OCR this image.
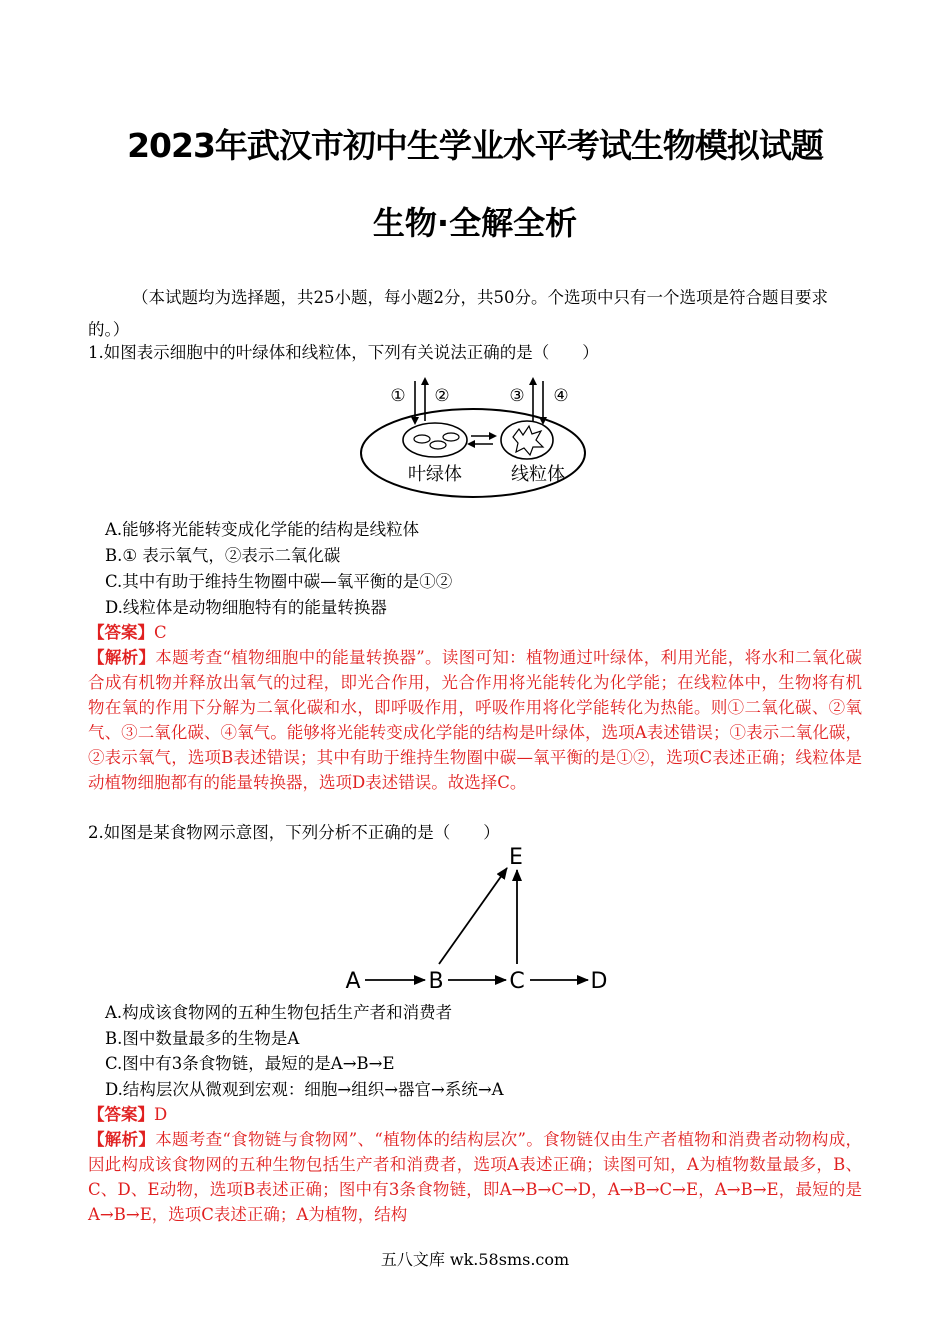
2023年武汉市初中生学业水平考试生物模拟试题
生物·全解全析

（本试题均为选择题，共25小题，每小题2分，共50分。个选项中只有一个选项是符合题目要求的。）

1.如图表示细胞中的叶绿体和线粒体，下列有关说法正确的是（　　）
① ②	③ ④
叶绿体	线粒体
A.能够将光能转变成化学能的结构是线粒体
B.① 表示氧气，②表示二氧化碳
C.其中有助于维持生物圈中碳—氧平衡的是①②
D.线粒体是动物细胞特有的能量转换器
【答案】C
【解析】本题考查“植物细胞中的能量转换器”。读图可知：植物通过叶绿体，利用光能，将水和二氧化碳合成有机物并释放出氧气的过程，即光合作用，光合作用将光能转化为化学能；在线粒体中，生物将有机物在氧的作用下分解为二氧化碳和水，即呼吸作用，呼吸作用将化学能转化为热能。则①二氧化碳、②氧气、③二氧化碳、④氧气。能够将光能转变成化学能的结构是叶绿体，选项A表述错误；①表示二氧化碳，②表示氧气，选项B表述错误；其中有助于维持生物圈中碳—氧平衡的是①②，选项C表述正确；线粒体是动植物细胞都有的能量转换器，选项D表述错误。故选择C。
2.如图是某食物网示意图，下列分析不正确的是（　　）
A	B	C	D
E
A.构成该食物网的五种生物包括生产者和消费者
B.图中数量最多的生物是A
C.图中有3条食物链，最短的是A→B→E
D.结构层次从微观到宏观：细胞→组织→器官→系统→A
【答案】D
【解析】本题考查“食物链与食物网”、“植物体的结构层次”。食物链仅由生产者植物和消费者动物构成，因此构成该食物网的五种生物包括生产者和消费者，选项A表述正确；读图可知，A为植物数量最多，B、C、D、E动物，选项B表述正确；图中有3条食物链，即A→B→C→D，A→B→C→E，A→B→E，最短的是A→B→E，选项C表述正确；A为植物，结构
五八文库 wk.58sms.com
